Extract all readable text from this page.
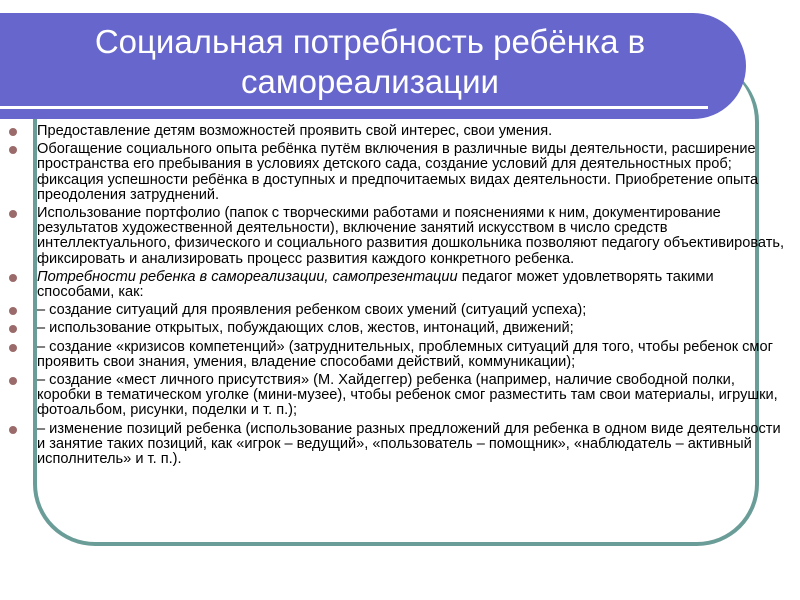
Социальная потребность ребёнка в
самореализации
Предоставление детям возможностей проявить свой интерес, свои умения.
Обогащение социального опыта ребёнка путём включения в различные виды деятельности, расширение пространства его пребывания в условиях детского сада, создание условий для деятельностных проб; фиксация успешности ребёнка в доступных и предпочитаемых видах деятельности. Приобретение опыта преодоления затруднений.
Использование портфолио (папок с творческими работами и пояснениями к ним, документирование результатов художественной деятельности), включение занятий искусством в число средств интеллектуального, физического и социального развития дошкольника позволяют педагогу объективировать, фиксировать и анализировать процесс развития каждого конкретного ребенка.
Потребности ребенка в самореализации, самопрезентации педагог может удовлетворять такими способами, как:
– создание ситуаций для проявления ребенком своих умений (ситуаций успеха);
– использование открытых, побуждающих слов, жестов, интонаций, движений;
– создание «кризисов компетенций» (затруднительных, проблемных ситуаций для того, чтобы ребенок смог проявить свои знания, умения, владение способами действий, коммуникации);
– создание «мест личного присутствия» (М. Хайдеггер) ребенка (например, наличие свободной полки, коробки в тематическом уголке (мини-музее), чтобы ребенок смог разместить там свои материалы, игрушки, фотоальбом, рисунки, поделки и т. п.);
– изменение позиций ребенка (использование разных предложений для ребенка в одном виде деятельности и занятие таких позиций, как «игрок – ведущий», «пользователь – помощник», «наблюдатель – активный исполнитель» и т. п.).
